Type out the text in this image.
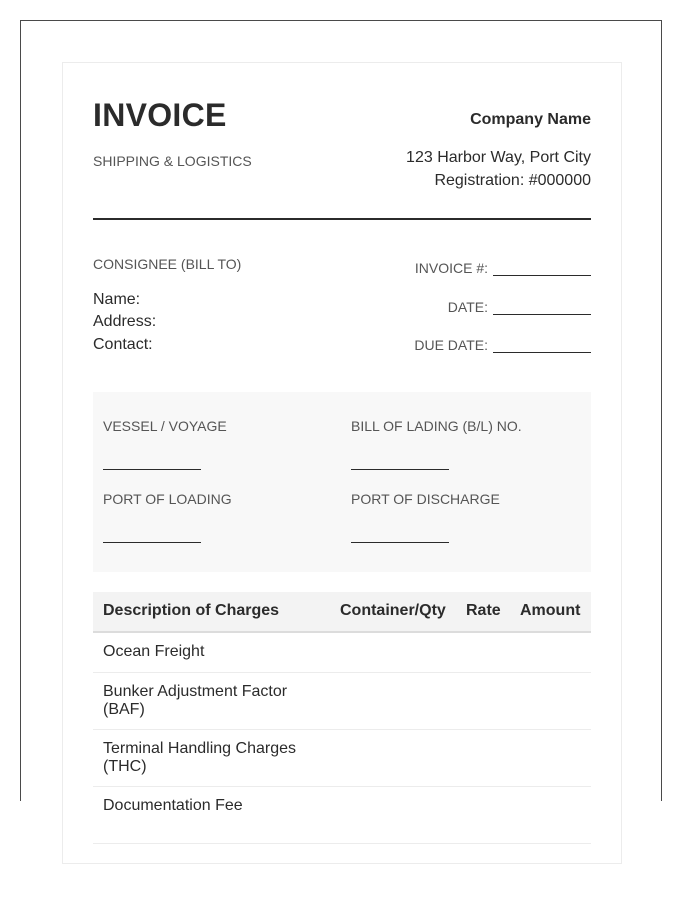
INVOICE
SHIPPING & LOGISTICS
Company Name
123 Harbor Way, Port City
Registration: #000000
CONSIGNEE (BILL TO)
Name:
Address:
Contact:
INVOICE #:
DATE:
DUE DATE:
VESSEL / VOYAGE	BILL OF LADING (B/L) NO.
PORT OF LOADING	PORT OF DISCHARGE
Description of Charges	Container/Qty Rate Amount
Ocean Freight
Bunker Adjustment Factor (BAF)
Terminal Handling Charges (THC)
Documentation Fee
